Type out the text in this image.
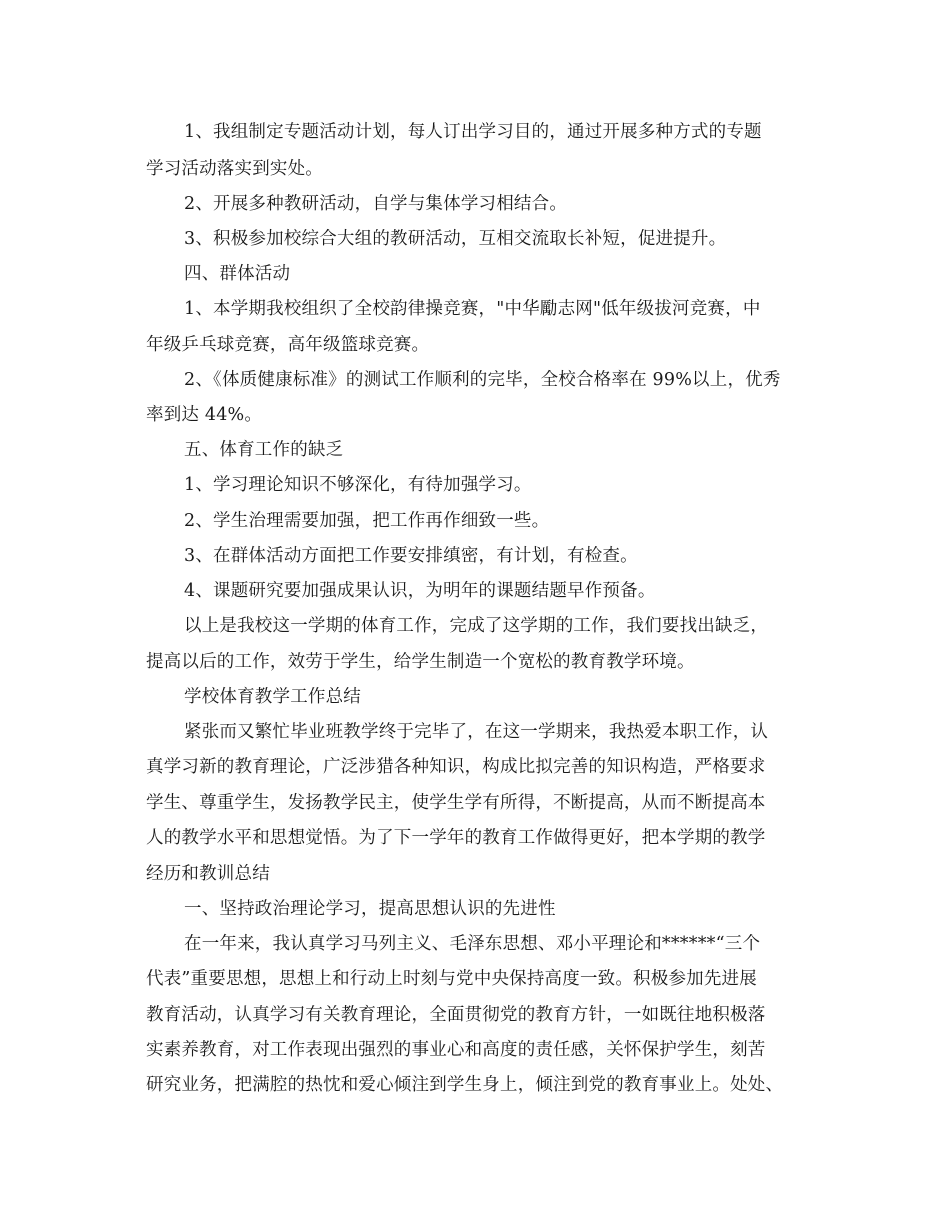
1、我组制定专题活动计划，每人订出学习目的，通过开展多种方式的专题
学习活动落实到实处。
2、开展多种教研活动，自学与集体学习相结合。
3、积极参加校综合大组的教研活动，互相交流取长补短，促进提升。
四、群体活动
1、本学期我校组织了全校韵律操竞赛，"中华勵志网"低年级拔河竞赛，中
年级乒乓球竞赛，高年级篮球竞赛。
2、《体质健康标准》的测试工作顺利的完毕，全校合格率在 99%以上，优秀
率到达 44%。
五、体育工作的缺乏
1、学习理论知识不够深化，有待加强学习。
2、学生治理需要加强，把工作再作细致一些。
3、在群体活动方面把工作要安排缜密，有计划，有检查。
4、课题研究要加强成果认识，为明年的课题结题早作预备。
以上是我校这一学期的体育工作，完成了这学期的工作，我们要找出缺乏，
提高以后的工作，效劳于学生，给学生制造一个宽松的教育教学环境。
学校体育教学工作总结
紧张而又繁忙毕业班教学终于完毕了，在这一学期来，我热爱本职工作，认
真学习新的教育理论，广泛涉猎各种知识，构成比拟完善的知识构造，严格要求
学生、尊重学生，发扬教学民主，使学生学有所得，不断提高，从而不断提高本
人的教学水平和思想觉悟。为了下一学年的教育工作做得更好，把本学期的教学
经历和教训总结
一、坚持政治理论学习，提高思想认识的先进性
在一年来，我认真学习马列主义、毛泽东思想、邓小平理论和******“三个
代表”重要思想，思想上和行动上时刻与党中央保持高度一致。积极参加先进展
教育活动，认真学习有关教育理论，全面贯彻党的教育方针，一如既往地积极落
实素养教育，对工作表现出强烈的事业心和高度的责任感，关怀保护学生，刻苦
研究业务，把满腔的热忱和爱心倾注到学生身上，倾注到党的教育事业上。处处、
